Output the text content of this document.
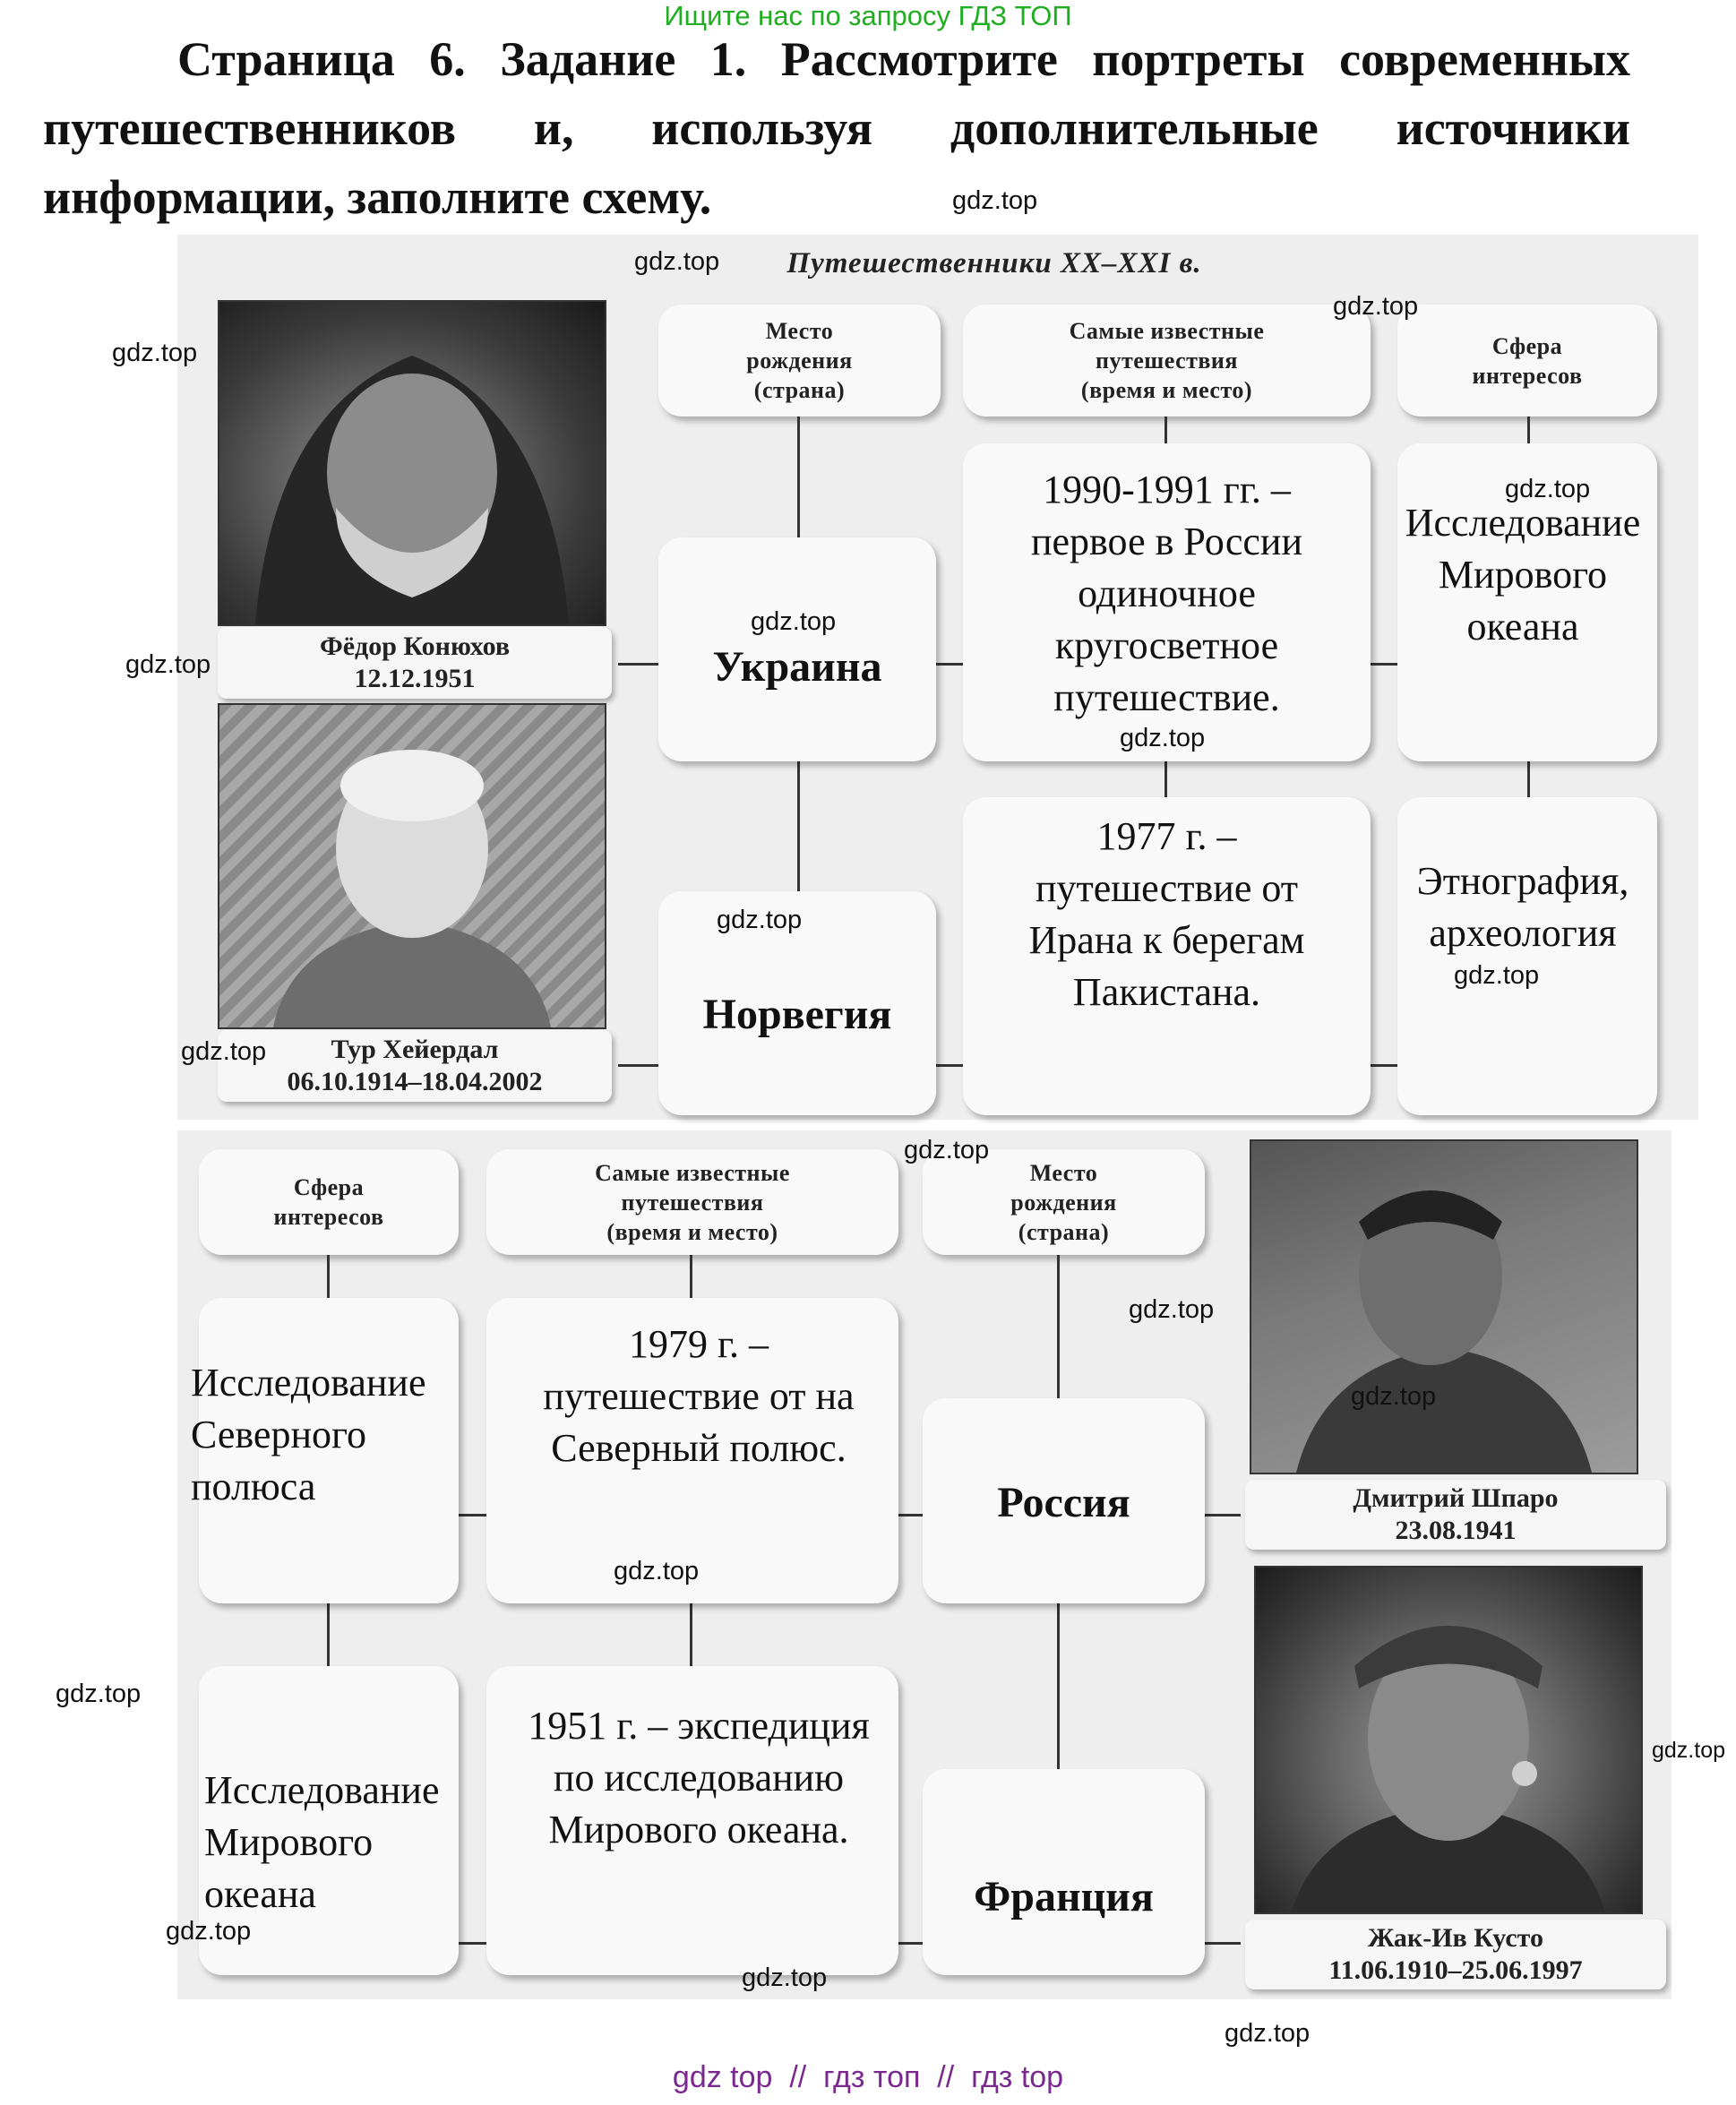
Ищите нас по запросу ГДЗ ТОП
Страница 6. Задание 1. Рассмотрите портреты современных путешественников и, используя дополнительные источники информации, заполните схему.
Путешественники XX–XXI в.
Место
рождения
(страна)
Самые известные
путешествия
(время и место)
Сфера
интересов
Фёдор Конюхов
12.12.1951
Тур Хейердал
06.10.1914–18.04.2002
Украина
1990-1991 гг. – первое в России одиночное кругосветное путешествие.
Исследование Мирового океана
Норвегия
1977 г. – путешествие от Ирана к берегам Пакистана.
Этнография, археология
Сфера
интересов
Самые известные
путешествия
(время и место)
Место
рождения
(страна)
Дмитрий Шпаро
23.08.1941
Жак-Ив Кусто
11.06.1910–25.06.1997
Исследование Северного полюса
1979 г. – путешествие от на Северный полюс.
Россия
Исследование Мирового океана
1951 г. – экспедиция по исследованию Мирового океана.
Франция
gdz.top
gdz.top
gdz.top
gdz.top
gdz.top
gdz.top
gdz.top
gdz.top
gdz.top
gdz.top
gdz.top
gdz.top
gdz.top
gdz.top
gdz.top
gdz.top
gdz.top
gdz.top
gdz.top
gdz.top
gdz top  //  гдз топ  //  гдз top
